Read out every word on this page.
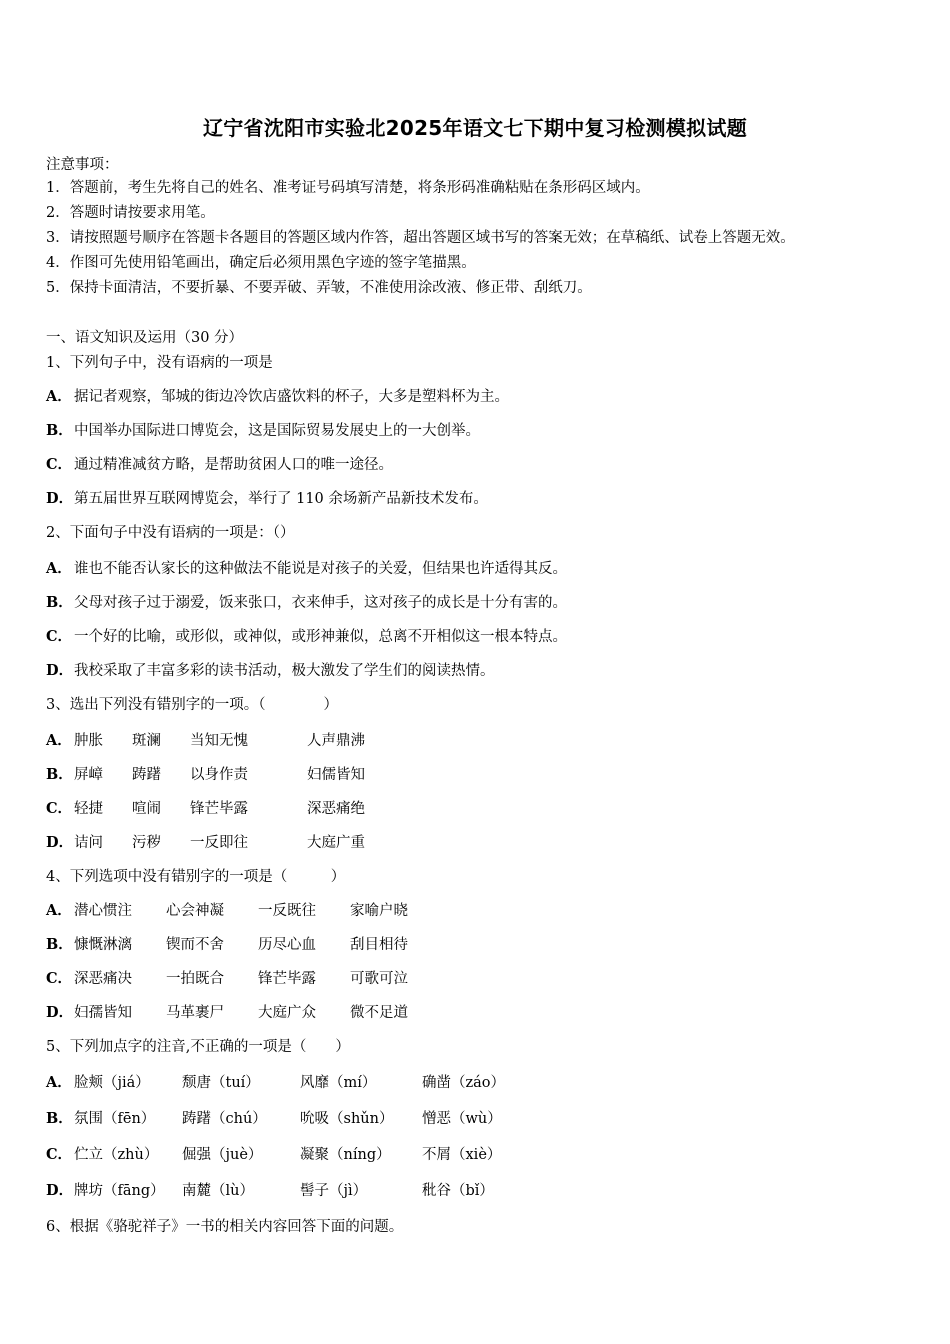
辽宁省沈阳市实验北2025年语文七下期中复习检测模拟试题
注意事项：
1．答题前，考生先将自己的姓名、准考证号码填写清楚，将条形码准确粘贴在条形码区域内。
2．答题时请按要求用笔。
3．请按照题号顺序在答题卡各题目的答题区域内作答，超出答题区域书写的答案无效；在草稿纸、试卷上答题无效。
4．作图可先使用铅笔画出，确定后必须用黑色字迹的签字笔描黑。
5．保持卡面清洁，不要折暴、不要弄破、弄皱，不准使用涂改液、修正带、刮纸刀。
一、语文知识及运用（30 分）
1、下列句子中，没有语病的一项是
A． 据记者观察，邹城的街边冷饮店盛饮料的杯子，大多是塑料杯为主。
B．中国举办国际进口博览会，这是国际贸易发展史上的一大创举。
C． 通过精准减贫方略，是帮助贫困人口的唯一途径。
D．第五届世界互联网博览会，举行了 110 余场新产品新技术发布。
2、下面句子中没有语病的一项是：（）
A． 谁也不能否认家长的这种做法不能说是对孩子的关爱，但结果也许适得其反。
B．父母对孩子过于溺爱，饭来张口，衣来伸手，这对孩子的成长是十分有害的。
C． 一个好的比喻，或形似，或神似，或形神兼似，总离不开相似这一根本特点。
D．我校采取了丰富多彩的读书活动，极大激发了学生们的阅读热情。
3、选出下列没有错别字的一项。（　　　　）
A． 肿胀 斑澜 当知无愧	人声鼎沸
B．屏嶂 踌躇 以身作责	妇儒皆知
C． 轻捷 喧闹 锋芒毕露	深恶痛绝
D．诘问 污秽 一反即往	大庭广重
4、下列选项中没有错别字的一项是（　　　）
A． 潜心惯注 心会神凝 一反既往 家喻户晓
B．慷慨淋漓 锲而不舍 历尽心血 刮目相待
C． 深恶痛决 一拍既合 锋芒毕露 可歌可泣
D．妇孺皆知 马革裹尸 大庭广众 微不足道
5、下列加点字的注音,不正确的一项是（　　）
A． 脸颊（jiá） 颓唐（tuí）	风靡（mí）	确凿（záo）
B．氛围（fēn） 踌躇（chú） 吮吸（shǔn） 憎恶（wù）
C． 伫立（zhù） 倔强（juè）	凝聚（níng） 不屑（xiè）
D．牌坊（fāng） 南麓（lù）	髻子（jì）	秕谷（bǐ）
6、根据《骆驼祥子》一书的相关内容回答下面的问题。
